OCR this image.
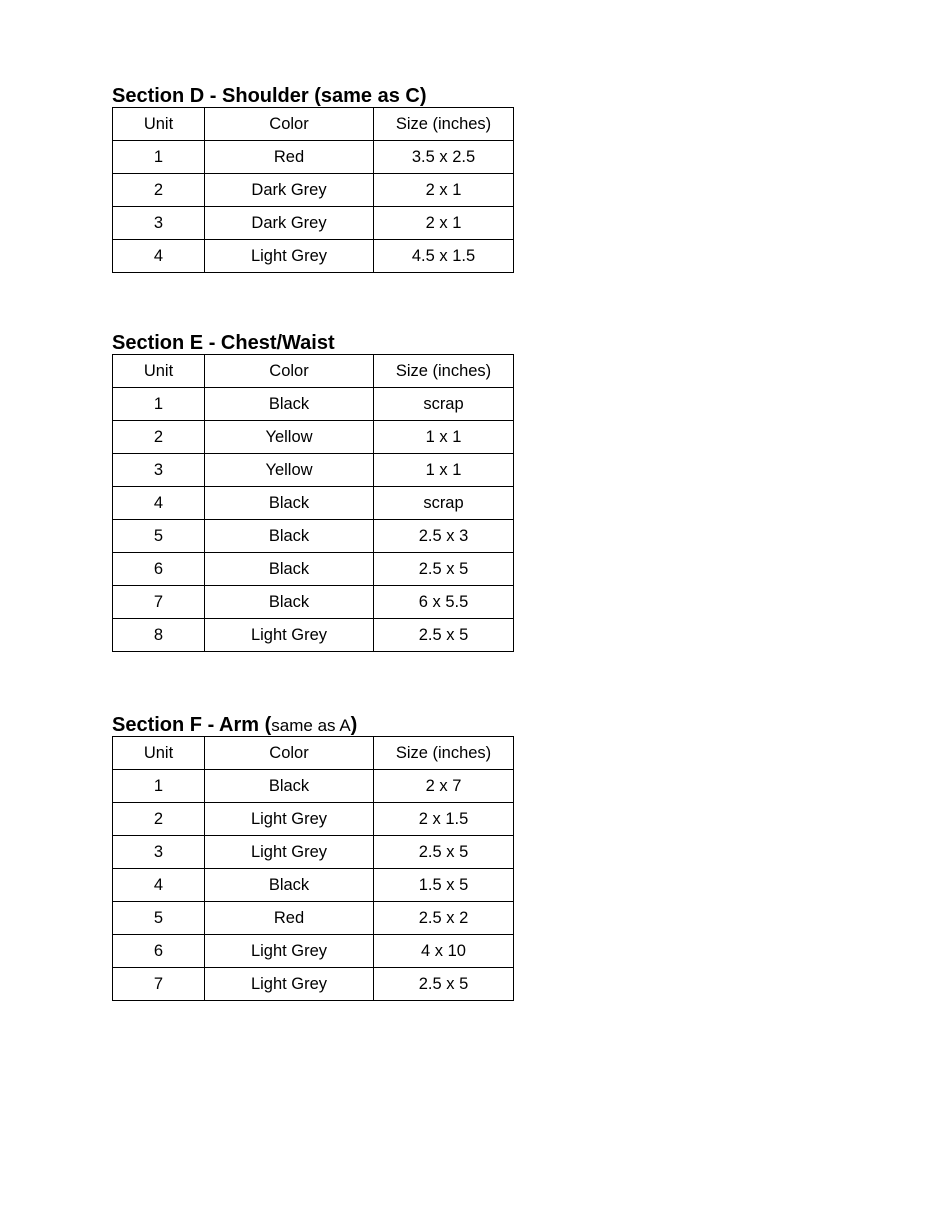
Section D - Shoulder (same as C)
Unit	Color	Size (inches)
1	Red	3.5 x 2.5
2	Dark Grey	2 x 1
3	Dark Grey	2 x 1
4	Light Grey	4.5 x 1.5
Section E - Chest/Waist
Unit	Color	Size (inches)
1	Black	scrap
2	Yellow	1 x 1
3	Yellow	1 x 1
4	Black	scrap
5	Black	2.5 x 3
6	Black	2.5 x 5
7	Black	6 x 5.5
8	Light Grey	2.5 x 5
Section F - Arm (same as A)
Unit	Color	Size (inches)
1	Black	2 x 7
2	Light Grey	2 x 1.5
3	Light Grey	2.5 x 5
4	Black	1.5 x 5
5	Red	2.5 x 2
6	Light Grey	4 x 10
7	Light Grey	2.5 x 5
